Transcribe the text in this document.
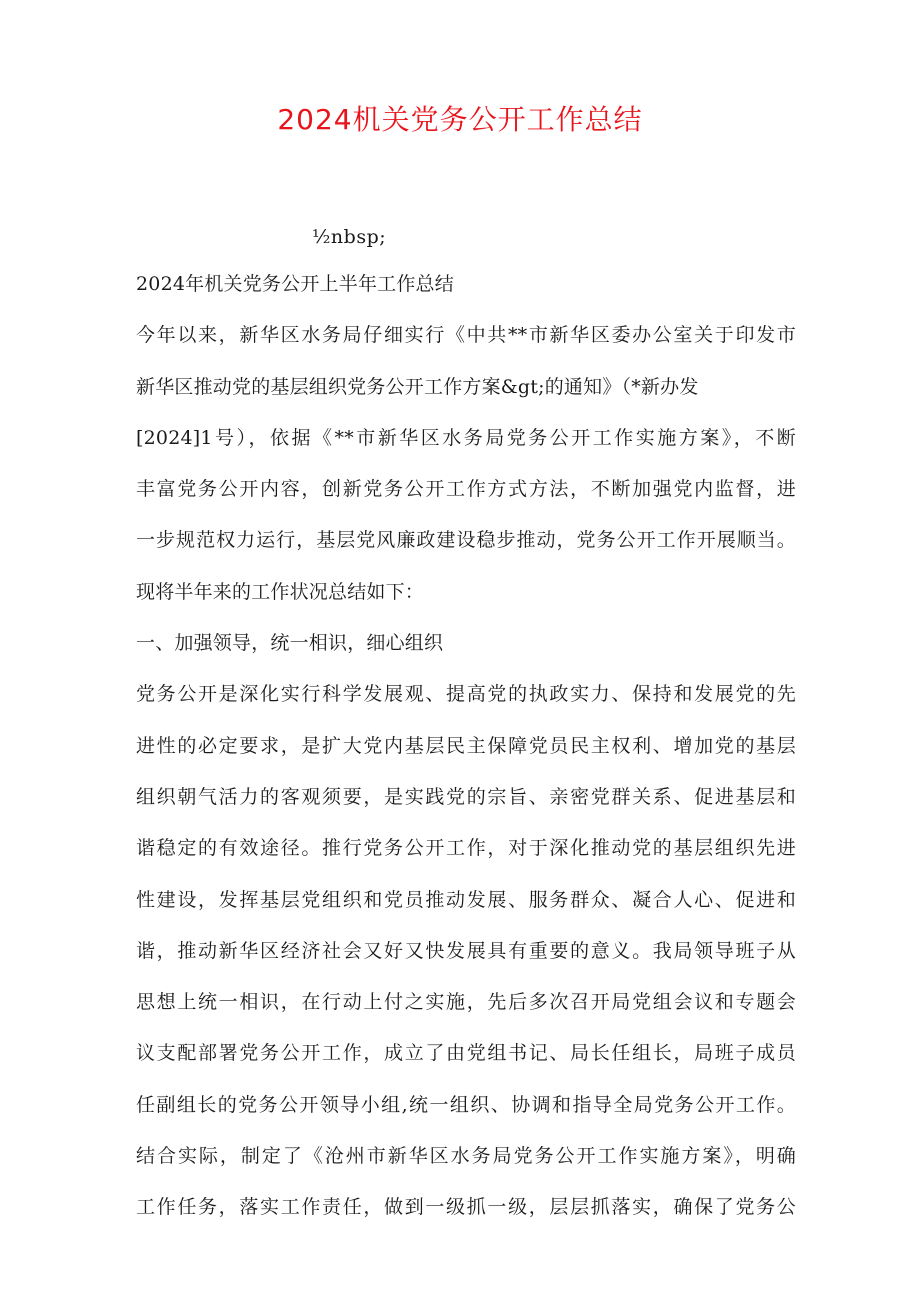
2024机关党务公开工作总结
½nbsp;
2024年机关党务公开上半年工作总结
今年以来，新华区水务局仔细实行《中共**市新华区委办公室关于印发市
新华区推动党的基层组织党务公开工作方案&gt;的通知》（*新办发
[2024]1号），依据《**市新华区水务局党务公开工作实施方案》，不断
丰富党务公开内容，创新党务公开工作方式方法，不断加强党内监督，进
一步规范权力运行，基层党风廉政建设稳步推动，党务公开工作开展顺当。
现将半年来的工作状况总结如下：
一、加强领导，统一相识，细心组织
党务公开是深化实行科学发展观、提高党的执政实力、保持和发展党的先
进性的必定要求，是扩大党内基层民主保障党员民主权利、增加党的基层
组织朝气活力的客观须要，是实践党的宗旨、亲密党群关系、促进基层和
谐稳定的有效途径。推行党务公开工作，对于深化推动党的基层组织先进
性建设，发挥基层党组织和党员推动发展、服务群众、凝合人心、促进和
谐，推动新华区经济社会又好又快发展具有重要的意义。我局领导班子从
思想上统一相识，在行动上付之实施，先后多次召开局党组会议和专题会
议支配部署党务公开工作，成立了由党组书记、局长任组长，局班子成员
任副组长的党务公开领导小组,统一组织、协调和指导全局党务公开工作。
结合实际，制定了《沧州市新华区水务局党务公开工作实施方案》，明确
工作任务，落实工作责任，做到一级抓一级，层层抓落实，确保了党务公
